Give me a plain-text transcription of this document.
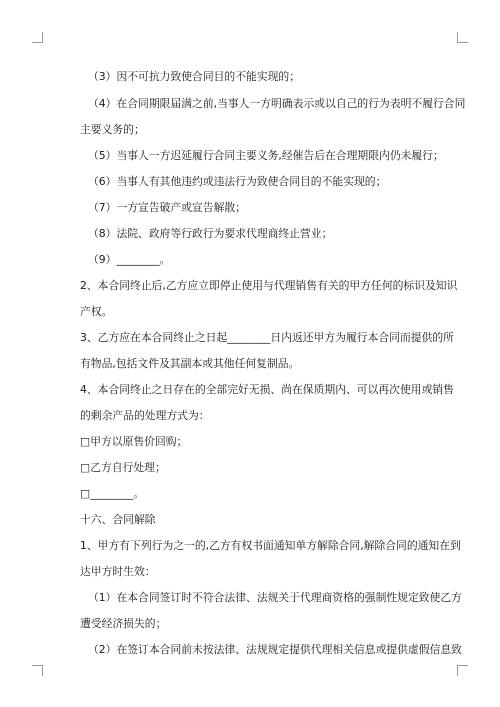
（3）因不可抗力致使合同目的不能实现的；
（4）在合同期限届满之前,当事人一方明确表示或以自己的行为表明不履行合同
主要义务的；
（5）当事人一方迟延履行合同主要义务,经催告后在合理期限内仍未履行；
（6）当事人有其他违约或违法行为致使合同目的不能实现的；
（7）一方宣告破产或宣告解散；
（8）法院、政府等行政行为要求代理商终止营业；
（9）________。
2、本合同终止后,乙方应立即停止使用与代理销售有关的甲方任何的标识及知识
产权。
3、乙方应在本合同终止之日起________日内返还甲方为履行本合同而提供的所
有物品,包括文件及其副本或其他任何复制品。
4、本合同终止之日存在的全部完好无损、尚在保质期内、可以再次使用或销售
的剩余产品的处理方式为：
□甲方以原售价回购；
□乙方自行处理；
□________。
十六、合同解除
1、甲方有下列行为之一的,乙方有权书面通知单方解除合同,解除合同的通知在到
达甲方时生效：
（1）在本合同签订时不符合法律、法规关于代理商资格的强制性规定致使乙方
遭受经济损失的；
（2）在签订本合同前未按法律、法规规定提供代理相关信息或提供虚假信息致
